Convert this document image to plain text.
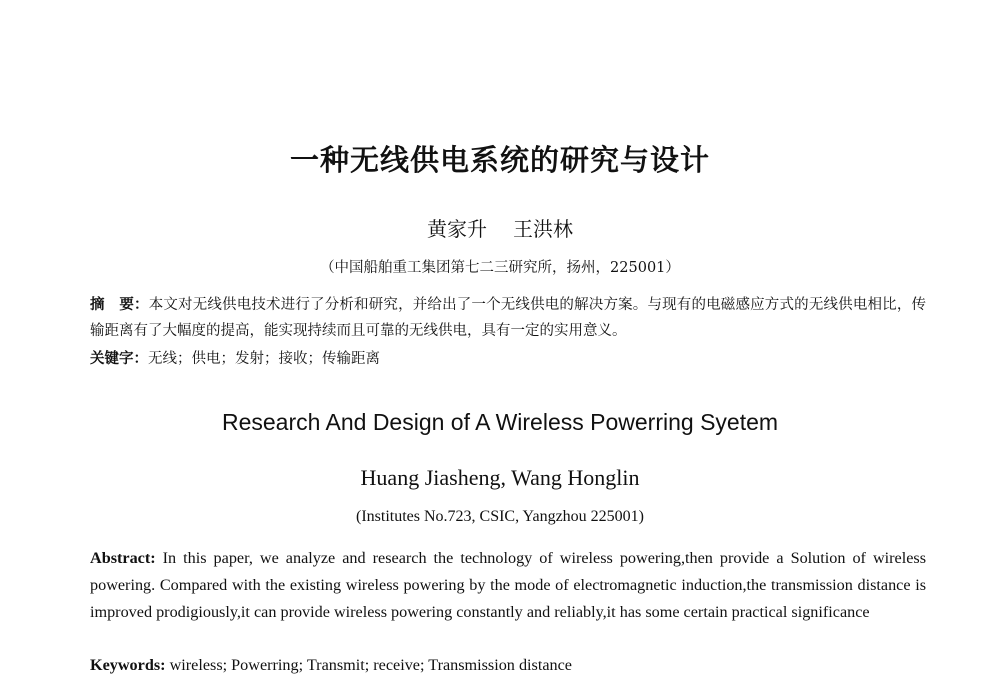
一种无线供电系统的研究与设计
黄家升 王洪林
（中国船舶重工集团第七二三研究所，扬州，225001）
摘　要：本文对无线供电技术进行了分析和研究，并给出了一个无线供电的解决方案。与现有的电磁感应方式的无线供电相比，传输距离有了大幅度的提高，能实现持续而且可靠的无线供电，具有一定的实用意义。
关键字：无线；供电；发射；接收；传输距离
Research And Design of A Wireless Powerring Syetem
Huang Jiasheng, Wang Honglin
(Institutes No.723, CSIC, Yangzhou 225001)
Abstract: In this paper, we analyze and research the technology of wireless powering,then provide a Solution of wireless powering. Compared with the existing wireless powering by the mode of electromagnetic induction,the transmission distance is improved prodigiously,it can provide wireless powering constantly and reliably,it has some certain practical significance
Keywords: wireless; Powerring; Transmit; receive; Transmission distance
